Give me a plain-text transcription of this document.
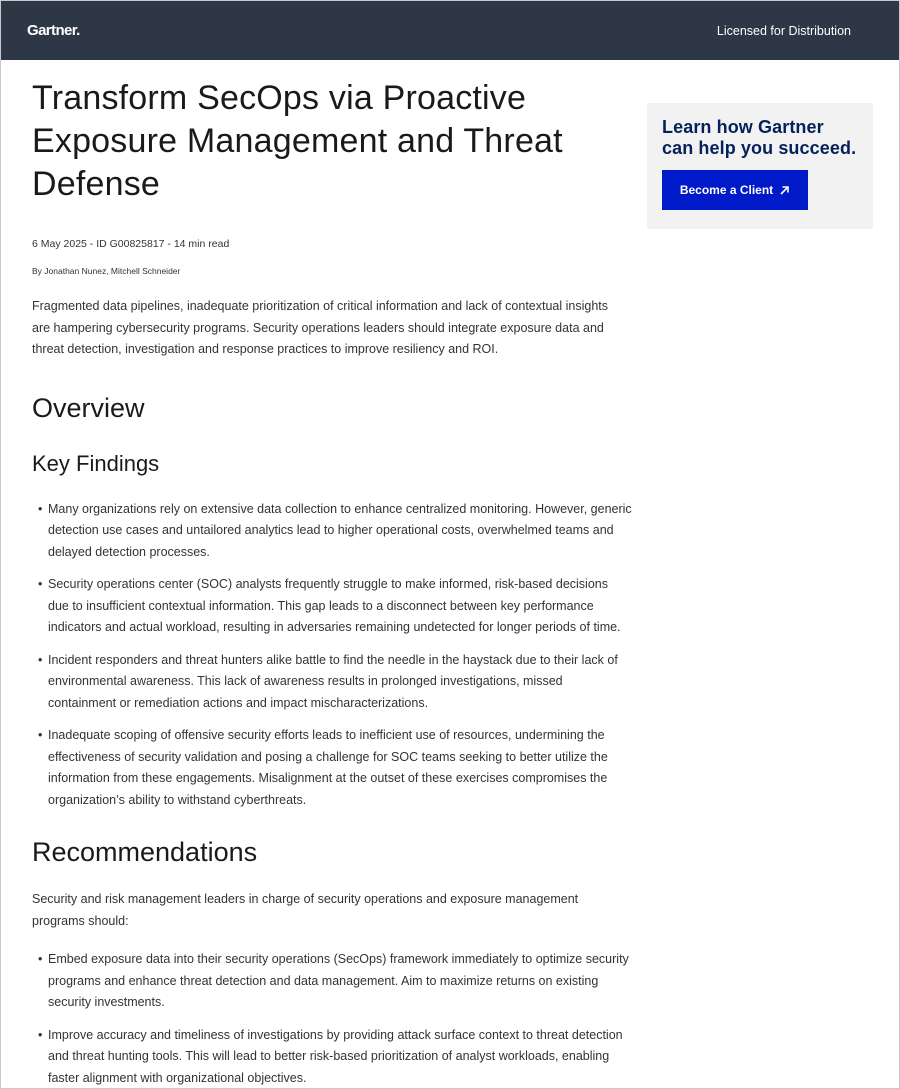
Gartner.	Licensed for Distribution
Transform SecOps via Proactive Exposure Management and Threat Defense
6 May 2025 - ID G00825817 - 14 min read
By Jonathan Nunez, Mitchell Schneider

Fragmented data pipelines, inadequate prioritization of critical information and lack of contextual insights are hampering cybersecurity programs. Security operations leaders should integrate exposure data and threat detection, investigation and response practices to improve resiliency and ROI.

Overview
Key Findings
• Many organizations rely on extensive data collection to enhance centralized monitoring. However, generic detection use cases and untailored analytics lead to higher operational costs, overwhelmed teams and delayed detection processes.
• Security operations center (SOC) analysts frequently struggle to make informed, risk-based decisions due to insufficient contextual information. This gap leads to a disconnect between key performance indicators and actual workload, resulting in adversaries remaining undetected for longer periods of time.
• Incident responders and threat hunters alike battle to find the needle in the haystack due to their lack of environmental awareness. This lack of awareness results in prolonged investigations, missed containment or remediation actions and impact mischaracterizations.
• Inadequate scoping of offensive security efforts leads to inefficient use of resources, undermining the effectiveness of security validation and posing a challenge for SOC teams seeking to better utilize the information from these engagements. Misalignment at the outset of these exercises compromises the organization’s ability to withstand cyberthreats.
Recommendations

Security and risk management leaders in charge of security operations and exposure management programs should:

• Embed exposure data into their security operations (SecOps) framework immediately to optimize security programs and enhance threat detection and data management. Aim to maximize returns on existing security investments.
• Improve accuracy and timeliness of investigations by providing attack surface context to threat detection and threat hunting tools. This will lead to better risk-based prioritization of analyst workloads, enabling faster alignment with organizational objectives.
Learn how Gartner can help you succeed.
Become a Client
